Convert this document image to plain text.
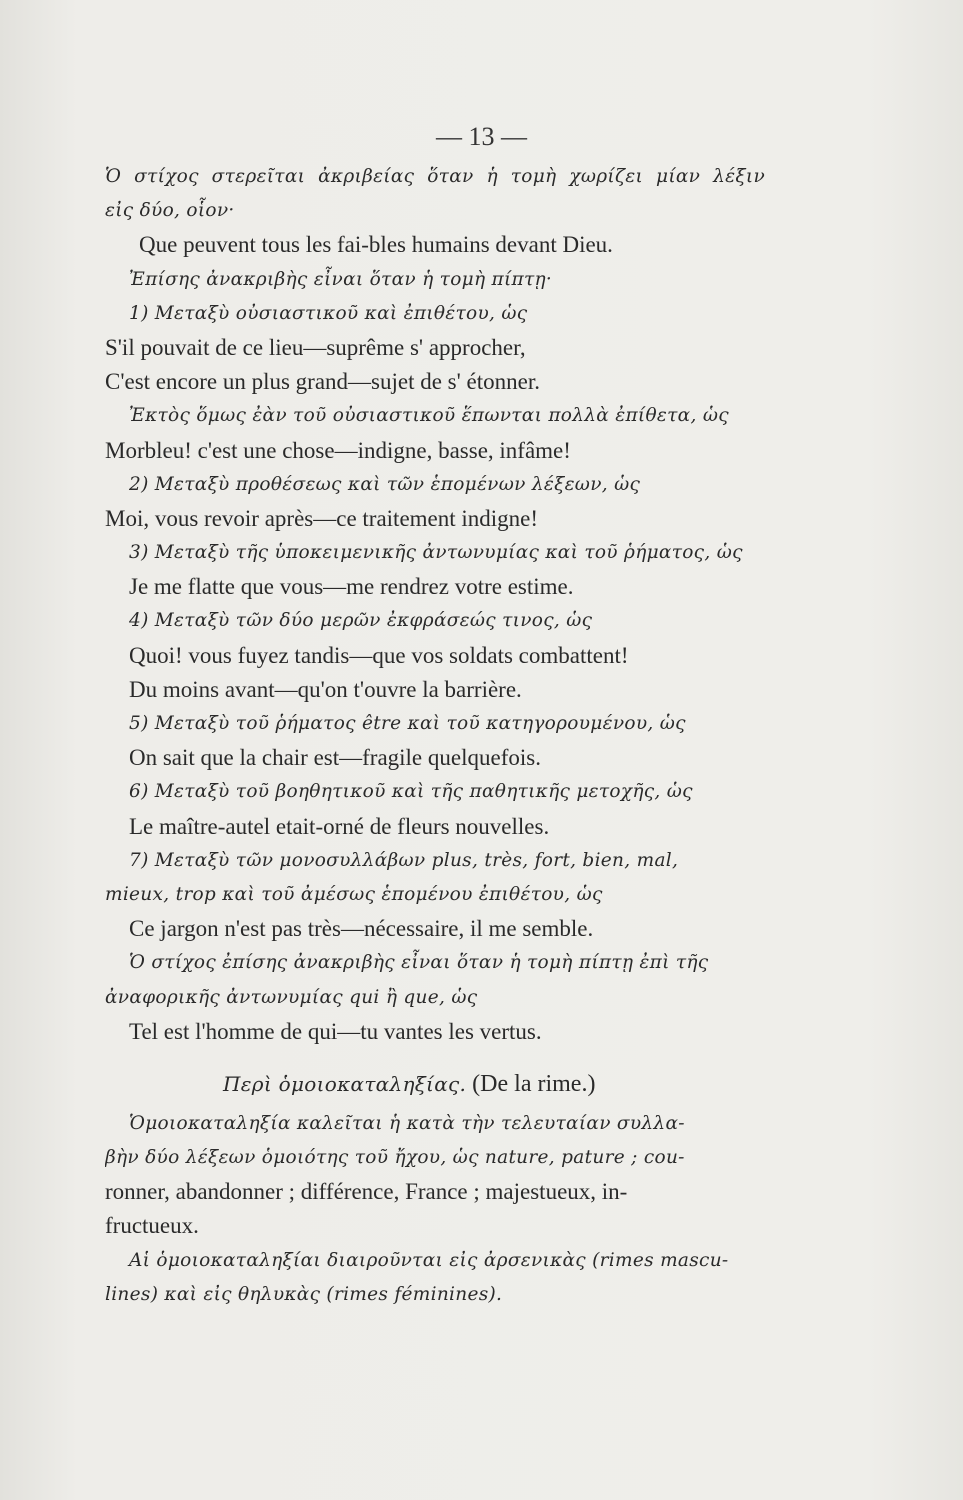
— 13 —
Ὁ στίχος στερεῖται ἀκριβείας ὅταν ἡ τομὴ χωρίζει μίαν λέξιν
εἰς δύο, οἷον·
Que peuvent tous les fai-bles humains devant Dieu.
Ἐπίσης ἀνακριβὴς εἶναι ὅταν ἡ τομὴ πίπτῃ·
1) Μεταξὺ οὐσιαστικοῦ καὶ ἐπιθέτου, ὡς
S'il pouvait de ce lieu—suprême s' approcher,
C'est encore un plus grand—sujet de s' étonner.
Ἐκτὸς ὅμως ἐὰν τοῦ οὐσιαστικοῦ ἕπωνται πολλὰ ἐπίθετα, ὡς
Morbleu! c'est une chose—indigne, basse, infâme!
2) Μεταξὺ προθέσεως καὶ τῶν ἑπομένων λέξεων, ὡς
Moi, vous revoir après—ce traitement indigne!
3) Μεταξὺ τῆς ὑποκειμενικῆς ἀντωνυμίας καὶ τοῦ ῥήματος, ὡς
Je me flatte que vous—me rendrez votre estime.
4) Μεταξὺ τῶν δύο μερῶν ἐκφράσεώς τινος, ὡς
Quoi! vous fuyez tandis—que vos soldats combattent!
Du moins avant—qu'on t'ouvre la barrière.
5) Μεταξὺ τοῦ ῥήματος être καὶ τοῦ κατηγορουμένου, ὡς
On sait que la chair est—fragile quelquefois.
6) Μεταξὺ τοῦ βοηθητικοῦ καὶ τῆς παθητικῆς μετοχῆς, ὡς
Le maître-autel etait-orné de fleurs nouvelles.
7) Μεταξὺ τῶν μονοσυλλάβων plus, très, fort, bien, mal,
mieux, trop καὶ τοῦ ἀμέσως ἑπομένου ἐπιθέτου, ὡς
Ce jargon n'est pas très—nécessaire, il me semble.
Ὁ στίχος ἐπίσης ἀνακριβὴς εἶναι ὅταν ἡ τομὴ πίπτῃ ἐπὶ τῆς
ἀναφορικῆς ἀντωνυμίας qui ἢ que, ὡς
Tel est l'homme de qui—tu vantes les vertus.
Περὶ ὁμοιοκαταληξίας. (De la rime.)
Ὁμοιοκαταληξία καλεῖται ἡ κατὰ τὴν τελευταίαν συλλα-
βὴν δύο λέξεων ὁμοιότης τοῦ ἤχου, ὡς nature, pature ; cou-
ronner, abandonner ; différence, France ; majestueux, in-
fructueux.
Αἱ ὁμοιοκαταληξίαι διαιροῦνται εἰς ἀρσενικὰς (rimes mascu-
lines) καὶ εἰς θηλυκὰς (rimes féminines).
